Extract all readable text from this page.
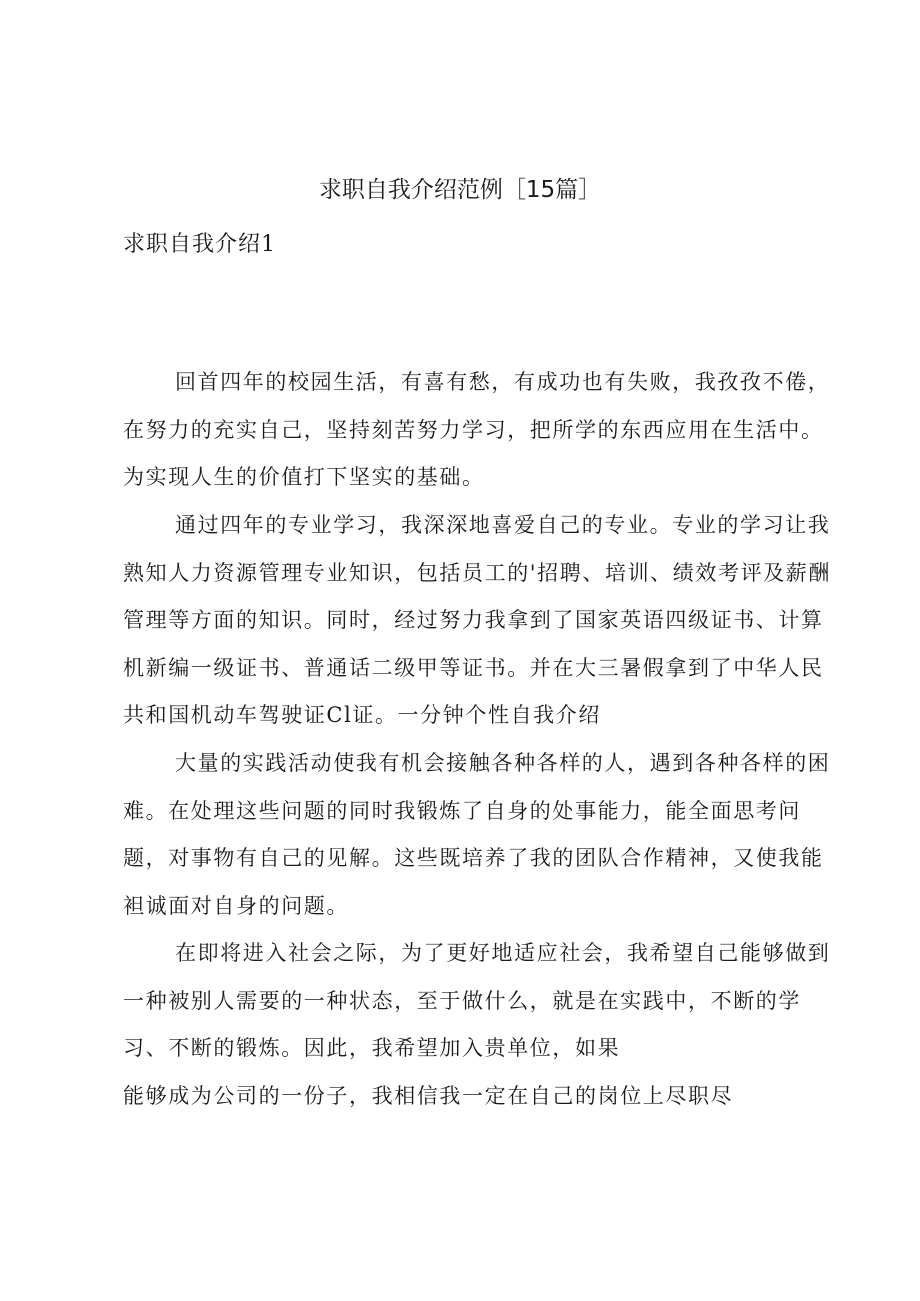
求职自我介绍范例［15篇］
求职自我介绍1

回首四年的校园生活，有喜有愁，有成功也有失败，我孜孜不倦，在努力的充实自己，坚持刻苦努力学习，把所学的东西应用在生活中。为实现人生的价值打下坚实的基础。

通过四年的专业学习，我深深地喜爱自己的专业。专业的学习让我熟知人力资源管理专业知识，包括员工的'招聘、培训、绩效考评及薪酬管理等方面的知识。同时，经过努力我拿到了国家英语四级证书、计算机新编一级证书、普通话二级甲等证书。并在大三暑假拿到了中华人民共和国机动车驾驶证Cl证。一分钟个性自我介绍

大量的实践活动使我有机会接触各种各样的人，遇到各种各样的困难。在处理这些问题的同时我锻炼了自身的处事能力，能全面思考问题，对事物有自己的见解。这些既培养了我的团队合作精神，又使我能袒诚面对自身的问题。

在即将进入社会之际，为了更好地适应社会，我希望自己能够做到一种被别人需要的一种状态，至于做什么，就是在实践中，不断的学习、不断的锻炼。因此，我希望加入贵单位，如果

能够成为公司的一份子，我相信我一定在自己的岗位上尽职尽
